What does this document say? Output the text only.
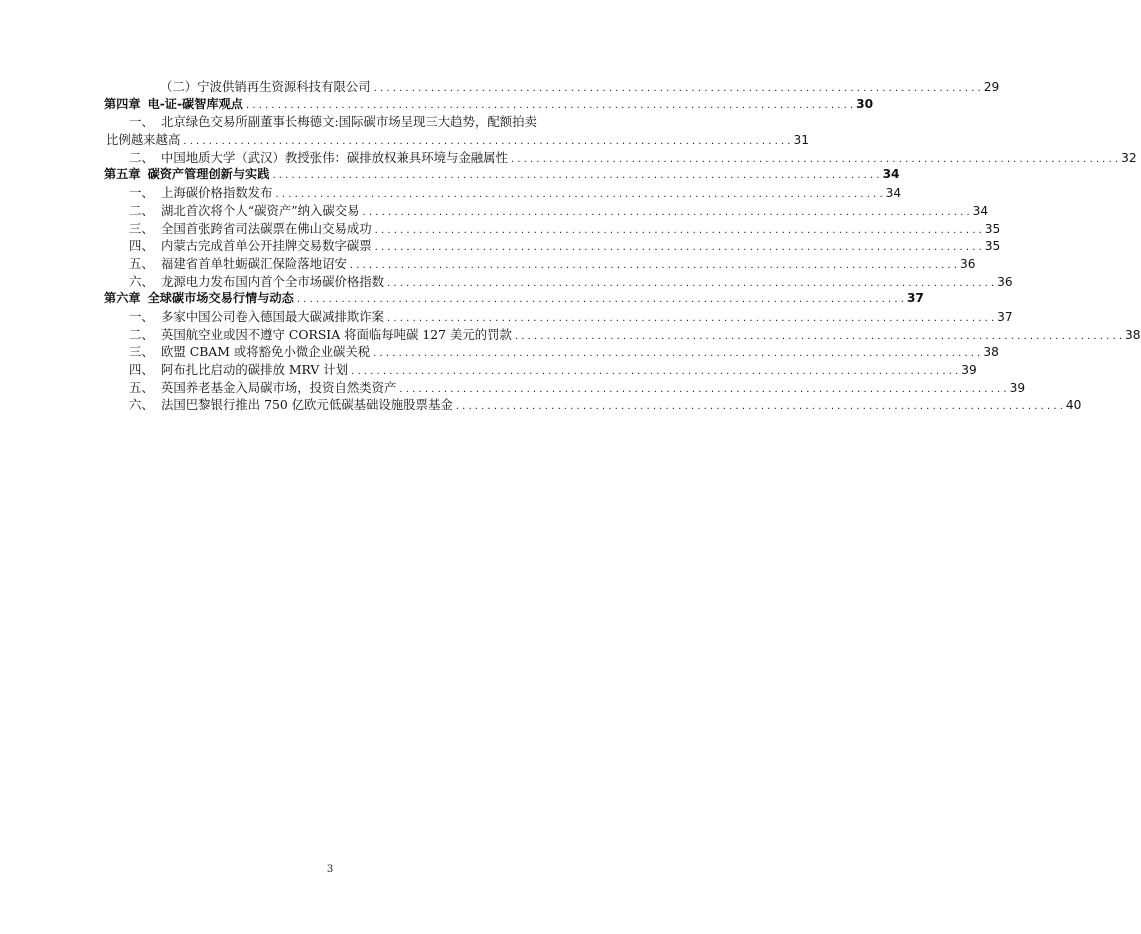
（二） 宁波供销再生资源科技有限公司 . . .	29
第四章 电-证-碳智库观点 . . .	30
一、 北京绿色交易所副董事长梅德文:国际碳市场呈现三大趋势，配额拍卖
比例越来越高 . . .	31
二、 中国地质大学（武汉）教授张伟：碳排放权兼具环境与金融属性 . . .	32
第五章 碳资产管理创新与实践 . . .	34
一、 上海碳价格指数发布 . . .	34
二、 湖北首次将个人“碳资产”纳入碳交易 . . .	34
三、 全国首张跨省司法碳票在佛山交易成功 . . .	35
四、 内蒙古完成首单公开挂牌交易数字碳票 . . .	35
五、 福建省首单牡蛎碳汇保险落地诏安 . . .	36
六、 龙源电力发布国内首个全市场碳价格指数 . . .	36
第六章 全球碳市场交易行情与动态 . . .	37
一、 多家中国公司卷入德国最大碳减排欺诈案 . . .	37
二、 英国航空业或因不遵守 CORSIA 将面临每吨碳 127 美元的罚款 . . .	38
三、 欧盟 CBAM 或将豁免小微企业碳关税 . . .	38
四、 阿布扎比启动的碳排放 MRV 计划 . . .	39
五、 英国养老基金入局碳市场，投资自然类资产 . . .	39
六、 法国巴黎银行推出 750 亿欧元低碳基础设施股票基金 . . .	40
3
